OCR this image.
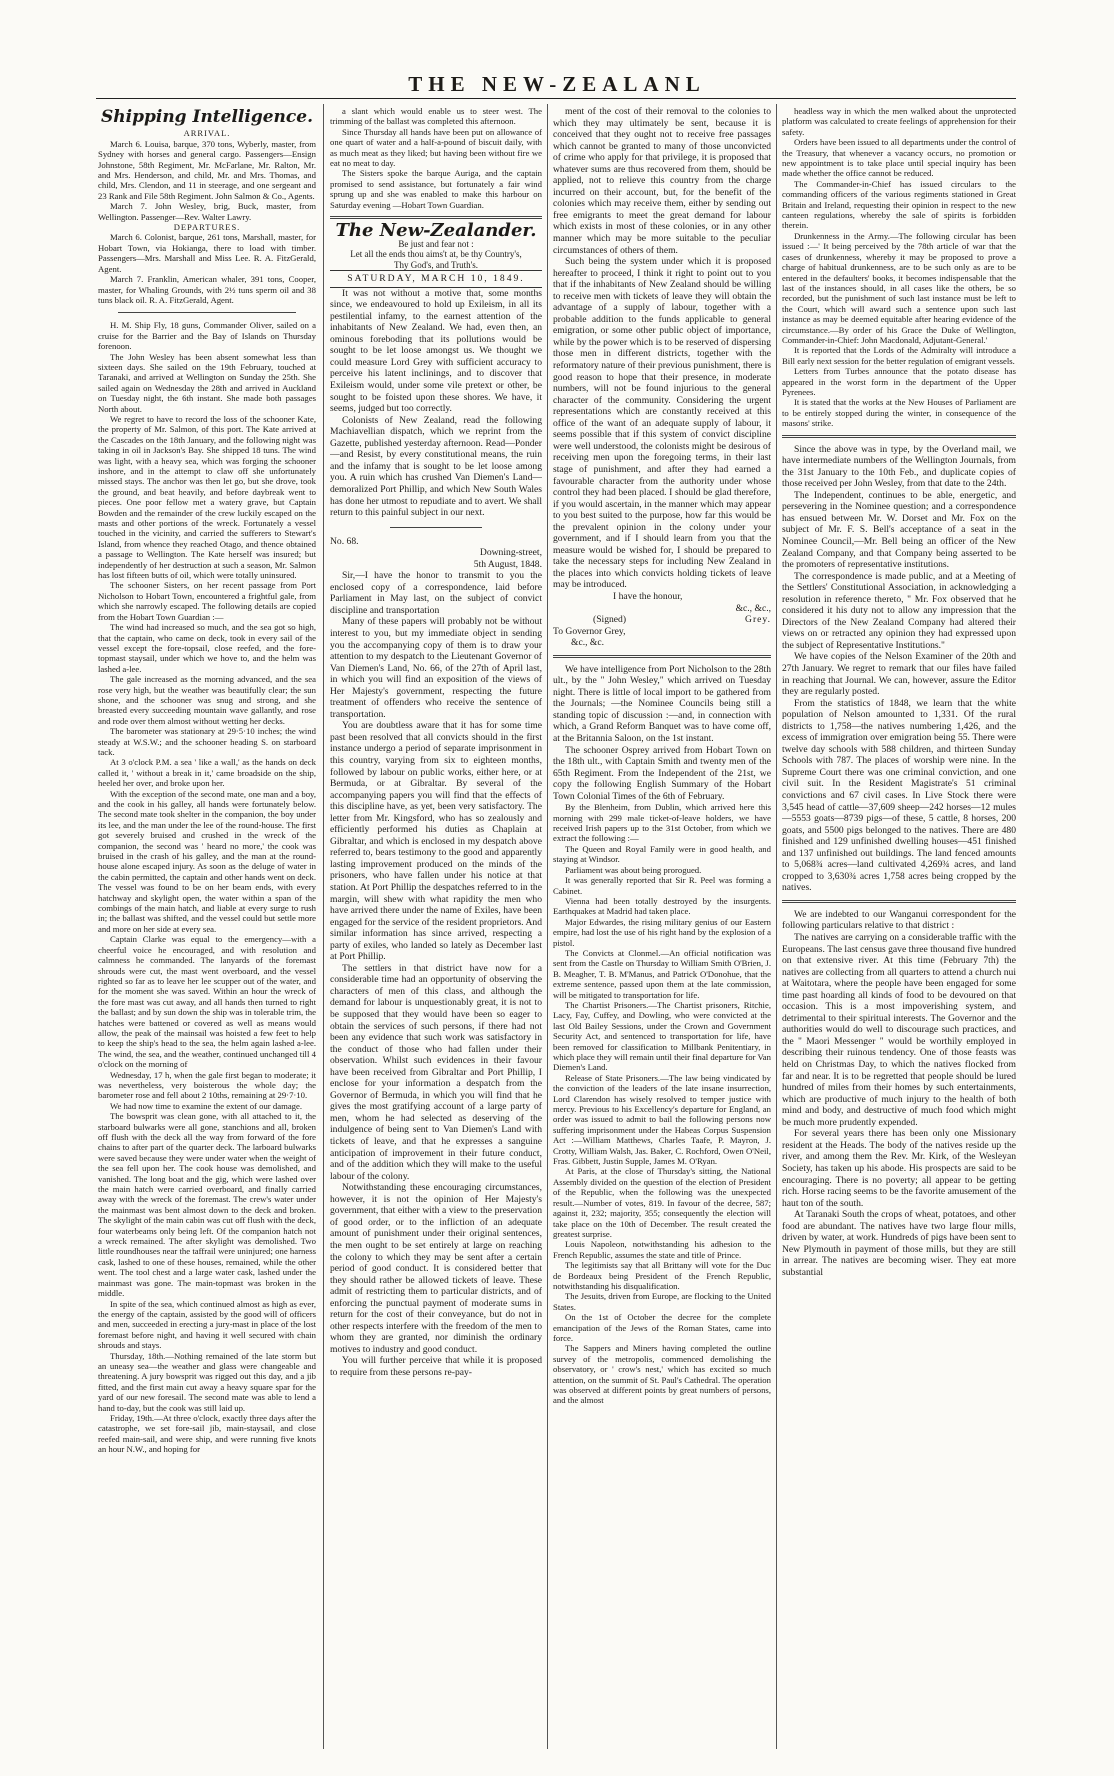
THE NEW-ZEALANL
Shipping Intelligence.

ARRIVAL.

March 6. Louisa, barque, 370 tons, Wyberly, master, from Sydney with horses and general cargo. Passengers—Ensign Johnstone, 58th Regiment, Mr. McFarlane, Mr. Ralton, Mr. and Mrs. Henderson, and child, Mr. and Mrs. Thomas, and child, Mrs. Clendon, and 11 in steerage, and one sergeant and 23 Rank and File 58th Regiment. John Salmon & Co., Agents.

March 7. John Wesley, brig, Buck, master, from Wellington. Passenger—Rev. Walter Lawry.

DEPARTURES.

March 6. Colonist, barque, 261 tons, Marshall, master, for Hobart Town, via Hokianga, there to load with timber. Passengers—Mrs. Marshall and Miss Lee. R. A. FitzGerald, Agent.

March 7. Franklin, American whaler, 391 tons, Cooper, master, for Whaling Grounds, with 2½ tuns sperm oil and 38 tuns black oil. R. A. FitzGerald, Agent.

H. M. Ship Fly, 18 guns, Commander Oliver, sailed on a cruise for the Barrier and the Bay of Islands on Thursday forenoon.

The John Wesley has been absent somewhat less than sixteen days. She sailed on the 19th February, touched at Taranaki, and arrived at Wellington on Sunday the 25th. She sailed again on Wednesday the 28th and arrived in Auckland on Tuesday night, the 6th instant. She made both passages North about.

We regret to have to record the loss of the schooner Kate, the property of Mr. Salmon, of this port. The Kate arrived at the Cascades on the 18th January, and the following night was taking in oil in Jackson's Bay. She shipped 18 tuns. The wind was light, with a heavy sea, which was forging the schooner inshore, and in the attempt to claw off she unfortunately missed stays. The anchor was then let go, but she drove, took the ground, and beat heavily, and before daybreak went to pieces. One poor fellow met a watery grave, but Captain Bowden and the remainder of the crew luckily escaped on the masts and other portions of the wreck. Fortunately a vessel touched in the vicinity, and carried the sufferers to Stewart's Island, from whence they reached Otago, and thence obtained a passage to Wellington. The Kate herself was insured; but independently of her destruction at such a season, Mr. Salmon has lost fifteen butts of oil, which were totally uninsured.

The schooner Sisters, on her recent passage from Port Nicholson to Hobart Town, encountered a frightful gale, from which she narrowly escaped. The following details are copied from the Hobart Town Guardian :—

The wind had increased so much, and the sea got so high, that the captain, who came on deck, took in every sail of the vessel except the fore-topsail, close reefed, and the fore-topmast staysail, under which we hove to, and the helm was lashed a-lee.

The gale increased as the morning advanced, and the sea rose very high, but the weather was beautifully clear; the sun shone, and the schooner was snug and strong, and she breasted every succeeding mountain wave gallantly, and rose and rode over them almost without wetting her decks.

The barometer was stationary at 29·5·10 inches; the wind steady at W.S.W.; and the schooner heading S. on starboard tack.

At 3 o'clock P.M. a sea ' like a wall,' as the hands on deck called it, ' without a break in it,' came broadside on the ship, heeled her over, and broke upon her.

With the exception of the second mate, one man and a boy, and the cook in his galley, all hands were fortunately below. The second mate took shelter in the companion, the boy under its lee, and the man under the lee of the round-house. The first got severely bruised and crushed in the wreck of the companion, the second was ' heard no more,' the cook was bruised in the crash of his galley, and the man at the round-house alone escaped injury. As soon as the deluge of water in the cabin permitted, the captain and other hands went on deck. The vessel was found to be on her beam ends, with every hatchway and skylight open, the water within a span of the combings of the main hatch, and liable at every surge to rush in; the ballast was shifted, and the vessel could but settle more and more on her side at every sea.

Captain Clarke was equal to the emergency—with a cheerful voice he encouraged, and with resolution and calmness he commanded. The lanyards of the foremast shrouds were cut, the mast went overboard, and the vessel righted so far as to leave her lee scupper out of the water, and for the moment she was saved. Within an hour the wreck of the fore mast was cut away, and all hands then turned to right the ballast; and by sun down the ship was in tolerable trim, the hatches were battened or covered as well as means would allow, the peak of the mainsail was hoisted a few feet to help to keep the ship's head to the sea, the helm again lashed a-lee. The wind, the sea, and the weather, continued unchanged till 4 o'clock on the morning of

Wednesday, 17 h, when the gale first began to moderate; it was nevertheless, very boisterous the whole day; the barometer rose and fell about 2 10ths, remaining at 29·7·10.

We had now time to examine the extent of our damage.

The bowsprit was clean gone, with all attached to it, the starboard bulwarks were all gone, stanchions and all, broken off flush with the deck all the way from forward of the fore chains to after part of the quarter deck. The larboard bulwarks were saved because they were under water when the weight of the sea fell upon her. The cook house was demolished, and vanished. The long boat and the gig, which were lashed over the main hatch were carried overboard, and finally carried away with the wreck of the foremast. The crew's water under the mainmast was bent almost down to the deck and broken. The skylight of the main cabin was cut off flush with the deck, four waterbeams only being left. Of the companion hatch not a wreck remained. The after skylight was demolished. Two little roundhouses near the taffrail were uninjured; one harness cask, lashed to one of these houses, remained, while the other went. The tool chest and a large water cask, lashed under the mainmast was gone. The main-topmast was broken in the middle.

In spite of the sea, which continued almost as high as ever, the energy of the captain, assisted by the good will of officers and men, succeeded in erecting a jury-mast in place of the lost foremast before night, and having it well secured with chain shrouds and stays.

Thursday, 18th.—Nothing remained of the late storm but an uneasy sea—the weather and glass were changeable and threatening. A jury bowsprit was rigged out this day, and a jib fitted, and the first main cut away a heavy square spar for the yard of our new foresail. The second mate was able to lend a hand to-day, but the cook was still laid up.

Friday, 19th.—At three o'clock, exactly three days after the catastrophe, we set fore-sail jib, main-staysail, and close reefed main-sail, and were ship, and were running five knots an hour N.W., and hoping for

a slant which would enable us to steer west. The trimming of the ballast was completed this afternoon.

Since Thursday all hands have been put on allowance of one quart of water and a half-a-pound of biscuit daily, with as much meat as they liked; but having been without fire we eat no meat to day.

The Sisters spoke the barque Auriga, and the captain promised to send assistance, but fortunately a fair wind sprung up and she was enabled to make this harbour on Saturday evening —Hobart Town Guardian.

The New-Zealander.

Be just and fear not :

Let all the ends thou aims't at, be thy Country's,

Thy God's, and Truth's.

SATURDAY, MARCH 10, 1849.

It was not without a motive that, some months since, we endeavoured to hold up Exileism, in all its pestilential infamy, to the earnest attention of the inhabitants of New Zealand. We had, even then, an ominous foreboding that its pollutions would be sought to be let loose amongst us. We thought we could measure Lord Grey with sufficient accuracy to perceive his latent inclinings, and to discover that Exileism would, under some vile pretext or other, be sought to be foisted upon these shores. We have, it seems, judged but too correctly.

Colonists of New Zealand, read the following Machiavellian dispatch, which we reprint from the Gazette, published yesterday afternoon. Read—Ponder—and Resist, by every constitutional means, the ruin and the infamy that is sought to be let loose among you. A ruin which has crushed Van Diemen's Land—demoralized Port Phillip, and which New South Wales has done her utmost to repudiate and to avert. We shall return to this painful subject in our next.

No. 68.

Downing-street,

5th August, 1848.

Sir,—I have the honor to transmit to you the enclosed copy of a correspondence, laid before Parliament in May last, on the subject of convict discipline and transportation

Many of these papers will probably not be without interest to you, but my immediate object in sending you the accompanying copy of them is to draw your attention to my despatch to the Lieutenant Governor of Van Diemen's Land, No. 66, of the 27th of April last, in which you will find an exposition of the views of Her Majesty's government, respecting the future treatment of offenders who receive the sentence of transportation.

You are doubtless aware that it has for some time past been resolved that all convicts should in the first instance undergo a period of separate imprisonment in this country, varying from six to eighteen months, followed by labour on public works, either here, or at Bermuda, or at Gibraltar. By several of the accompanying papers you will find that the effects of this discipline have, as yet, been very satisfactory. The letter from Mr. Kingsford, who has so zealously and efficiently performed his duties as Chaplain at Gibraltar, and which is enclosed in my despatch above referred to, bears testimony to the good and apparently lasting improvement produced on the minds of the prisoners, who have fallen under his notice at that station. At Port Phillip the despatches referred to in the margin, will shew with what rapidity the men who have arrived there under the name of Exiles, have been engaged for the service of the resident proprietors. And similar information has since arrived, respecting a party of exiles, who landed so lately as December last at Port Phillip.

The settlers in that district have now for a considerable time had an opportunity of observing the characters of men of this class, and although the demand for labour is unquestionably great, it is not to be supposed that they would have been so eager to obtain the services of such persons, if there had not been any evidence that such work was satisfactory in the conduct of those who had fallen under their observation. Whilst such evidences in their favour have been received from Gibraltar and Port Phillip, I enclose for your information a despatch from the Governor of Bermuda, in which you will find that he gives the most gratifying account of a large party of men, whom he had selected as deserving of the indulgence of being sent to Van Diemen's Land with tickets of leave, and that he expresses a sanguine anticipation of improvement in their future conduct, and of the addition which they will make to the useful labour of the colony.

Notwithstanding these encouraging circumstances, however, it is not the opinion of Her Majesty's government, that either with a view to the preservation of good order, or to the infliction of an adequate amount of punishment under their original sentences, the men ought to be set entirely at large on reaching the colony to which they may be sent after a certain period of good conduct. It is considered better that they should rather be allowed tickets of leave. These admit of restricting them to particular districts, and of enforcing the punctual payment of moderate sums in return for the cost of their conveyance, but do not in other respects interfere with the freedom of the men to whom they are granted, nor diminish the ordinary motives to industry and good conduct.

You will further perceive that while it is proposed to require from these persons re-pay-

ment of the cost of their removal to the colonies to which they may ultimately be sent, because it is conceived that they ought not to receive free passages which cannot be granted to many of those unconvicted of crime who apply for that privilege, it is proposed that whatever sums are thus recovered from them, should be applied, not to relieve this country from the charge incurred on their account, but, for the benefit of the colonies which may receive them, either by sending out free emigrants to meet the great demand for labour which exists in most of these colonies, or in any other manner which may be more suitable to the peculiar circumstances of others of them.

Such being the system under which it is proposed hereafter to proceed, I think it right to point out to you that if the inhabitants of New Zealand should be willing to receive men with tickets of leave they will obtain the advantage of a supply of labour, together with a probable addition to the funds applicable to general emigration, or some other public object of importance, while by the power which is to be reserved of dispersing those men in different districts, together with the reformatory nature of their previous punishment, there is good reason to hope that their presence, in moderate numbers, will not be found injurious to the general character of the community. Considering the urgent representations which are constantly received at this office of the want of an adequate supply of labour, it seems possible that if this system of convict discipline were well understood, the colonists might be desirous of receiving men upon the foregoing terms, in their last stage of punishment, and after they had earned a favourable character from the authority under whose control they had been placed. I should be glad therefore, if you would ascertain, in the manner which may appear to you best suited to the purpose, how far this would be the prevalent opinion in the colony under your government, and if I should learn from you that the measure would be wished for, I should be prepared to take the necessary steps for including New Zealand in the places into which convicts holding tickets of leave may be introduced.

I have the honour,

&c., &c.,

(Signed)	Grey.

To Governor Grey,

&c., &c.

We have intelligence from Port Nicholson to the 28th ult., by the " John Wesley," which arrived on Tuesday night. There is little of local import to be gathered from the Journals; —the Nominee Councils being still a standing topic of discussion :—and, in connection with which, a Grand Reform Banquet was to have come off, at the Britannia Saloon, on the 1st instant.

The schooner Osprey arrived from Hobart Town on the 18th ult., with Captain Smith and twenty men of the 65th Regiment. From the Independent of the 21st, we copy the following English Summary of the Hobart Town Colonial Times of the 6th of February.

By the Blenheim, from Dublin, which arrived here this morning with 299 male ticket-of-leave holders, we have received Irish papers up to the 31st October, from which we extract the following :—

The Queen and Royal Family were in good health, and staying at Windsor.

Parliament was about being prorogued.

It was generally reported that Sir R. Peel was forming a Cabinet.

Vienna had been totally destroyed by the insurgents. Earthquakes at Madrid had taken place.

Major Edwardes, the rising military genius of our Eastern empire, had lost the use of his right hand by the explosion of a pistol.

The Convicts at Clonmel.—An official notification was sent from the Castle on Thursday to William Smith O'Brien, J. B. Meagher, T. B. M'Manus, and Patrick O'Donohue, that the extreme sentence, passed upon them at the late commission, will be mitigated to transportation for life.

The Chartist Prisoners.—The Chartist prisoners, Ritchie, Lacy, Fay, Cuffey, and Dowling, who were convicted at the last Old Bailey Sessions, under the Crown and Government Security Act, and sentenced to transportation for life, have been removed for classification to Millbank Penitentiary, in which place they will remain until their final departure for Van Diemen's Land.

Release of State Prisoners.—The law being vindicated by the conviction of the leaders of the late insane insurrection, Lord Clarendon has wisely resolved to temper justice with mercy. Previous to his Excellency's departure for England, an order was issued to admit to bail the following persons now suffering imprisonment under the Habeas Corpus Suspension Act :—William Matthews, Charles Taafe, P. Mayron, J. Crotty, William Walsh, Jas. Baker, C. Rochford, Owen O'Neil, Fras. Gibbett, Justin Supple, James M. O'Ryan.

At Paris, at the close of Thursday's sitting, the National Assembly divided on the question of the election of President of the Republic, when the following was the unexpected result.—Number of votes, 819. In favour of the decree, 587; against it, 232; majority, 355; consequently the election will take place on the 10th of December. The result created the greatest surprise.

Louis Napoleon, notwithstanding his adhesion to the French Republic, assumes the state and title of Prince.

The legitimists say that all Brittany will vote for the Duc de Bordeaux being President of the French Republic, notwithstanding his disqualification.

The Jesuits, driven from Europe, are flocking to the United States.

On the 1st of October the decree for the complete emancipation of the Jews of the Roman States, came into force.

The Sappers and Miners having completed the outline survey of the metropolis, commenced demolishing the observatory, or ' crow's nest,' which has excited so much attention, on the summit of St. Paul's Cathedral. The operation was observed at different points by great numbers of persons, and the almost

headless way in which the men walked about the unprotected platform was calculated to create feelings of apprehension for their safety.

Orders have been issued to all departments under the control of the Treasury, that whenever a vacancy occurs, no promotion or new appointment is to take place until special inquiry has been made whether the office cannot be reduced.

The Commander-in-Chief has issued circulars to the commanding officers of the various regiments stationed in Great Britain and Ireland, requesting their opinion in respect to the new canteen regulations, whereby the sale of spirits is forbidden therein.

Drunkenness in the Army.—The following circular has been issued :—' It being perceived by the 78th article of war that the cases of drunkenness, whereby it may be proposed to prove a charge of habitual drunkenness, are to be such only as are to be entered in the defaulters' books, it becomes indispensable that the last of the instances should, in all cases like the others, be so recorded, but the punishment of such last instance must be left to the Court, which will award such a sentence upon such last instance as may be deemed equitable after hearing evidence of the circumstance.—By order of his Grace the Duke of Wellington, Commander-in-Chief: John Macdonald, Adjutant-General.'

It is reported that the Lords of the Admiralty will introduce a Bill early next session for the better regulation of emigrant vessels.

Letters from Turbes announce that the potato disease has appeared in the worst form in the department of the Upper Pyrenees.

It is stated that the works at the New Houses of Parliament are to be entirely stopped during the winter, in consequence of the masons' strike.

Since the above was in type, by the Overland mail, we have intermediate numbers of the Wellington Journals, from the 31st January to the 10th Feb., and duplicate copies of those received per John Wesley, from that date to the 24th.

The Independent, continues to be able, energetic, and persevering in the Nominee question; and a correspondence has ensued between Mr. W. Dorset and Mr. Fox on the subject of Mr. F. S. Bell's acceptance of a seat in the Nominee Council,—Mr. Bell being an officer of the New Zealand Company, and that Company being asserted to be the promoters of representative institutions.

The correspondence is made public, and at a Meeting of the Settlers' Constitutional Association, in acknowledging a resolution in reference thereto, " Mr. Fox observed that he considered it his duty not to allow any impression that the Directors of the New Zealand Company had altered their views on or retracted any opinion they had expressed upon the subject of Representative Institutions."

We have copies of the Nelson Examiner of the 20th and 27th January. We regret to remark that our files have failed in reaching that Journal. We can, however, assure the Editor they are regularly posted.

From the statistics of 1848, we learn that the white population of Nelson amounted to 1,331. Of the rural districts to 1,758—the natives numbering 1,426, and the excess of immigration over emigration being 55. There were twelve day schools with 588 children, and thirteen Sunday Schools with 787. The places of worship were nine. In the Supreme Court there was one criminal conviction, and one civil suit. In the Resident Magistrate's 51 criminal convictions and 67 civil cases. In Live Stock there were 3,545 head of cattle—37,609 sheep—242 horses—12 mules—5553 goats—8739 pigs—of these, 5 cattle, 8 horses, 200 goats, and 5500 pigs belonged to the natives. There are 480 finished and 129 unfinished dwelling houses—451 finished and 137 unfinished out buildings. The land fenced amounts to 5,068¾ acres—land cultivated 4,269¾ acres, and land cropped to 3,630¾ acres 1,758 acres being cropped by the natives.

We are indebted to our Wanganui correspondent for the following particulars relative to that district :

The natives are carrying on a considerable traffic with the Europeans. The last census gave three thousand five hundred on that extensive river. At this time (February 7th) the natives are collecting from all quarters to attend a church nui at Waitotara, where the people have been engaged for some time past hoarding all kinds of food to be devoured on that occasion. This is a most impoverishing system, and detrimental to their spiritual interests. The Governor and the authorities would do well to discourage such practices, and the " Maori Messenger " would be worthily employed in describing their ruinous tendency. One of those feasts was held on Christmas Day, to which the natives flocked from far and near. It is to be regretted that people should be lured hundred of miles from their homes by such entertainments, which are productive of much injury to the health of both mind and body, and destructive of much food which might be much more prudently expended.

For several years there has been only one Missionary resident at the Heads. The body of the natives reside up the river, and among them the Rev. Mr. Kirk, of the Wesleyan Society, has taken up his abode. His prospects are said to be encouraging. There is no poverty; all appear to be getting rich. Horse racing seems to be the favorite amusement of the haut ton of the south.

At Taranaki South the crops of wheat, potatoes, and other food are abundant. The natives have two large flour mills, driven by water, at work. Hundreds of pigs have been sent to New Plymouth in payment of those mills, but they are still in arrear. The natives are becoming wiser. They eat more substantial
